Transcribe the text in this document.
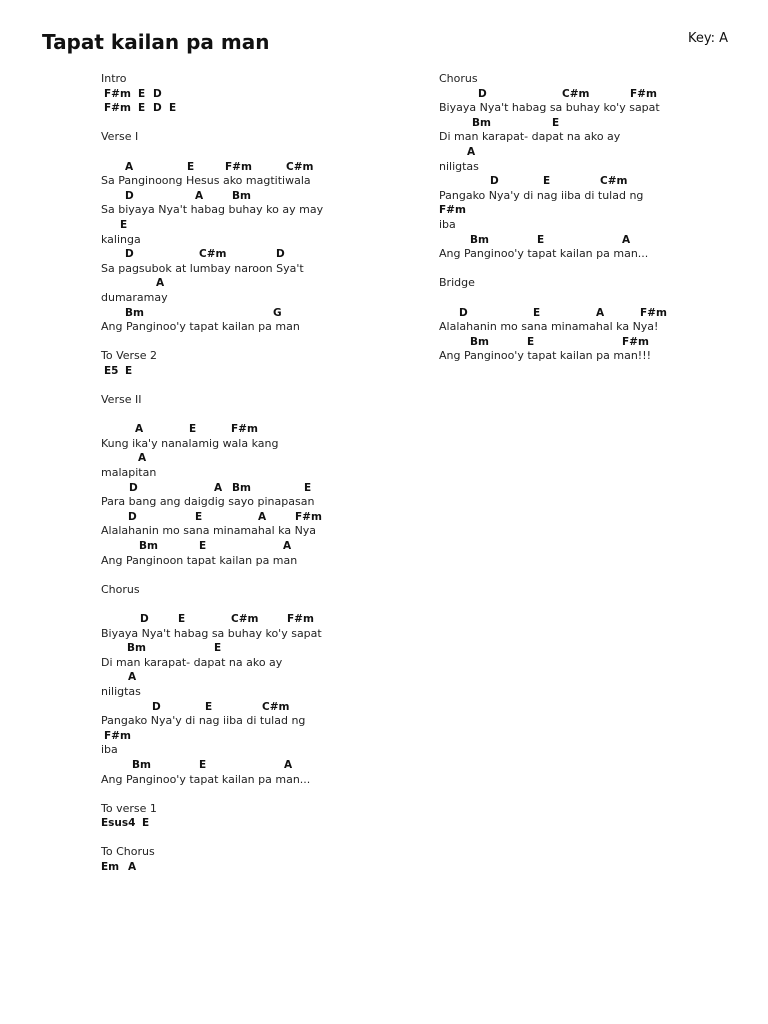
Tapat kailan pa man	Key: A
Intro
F#m E D
F#m E D E
Verse I
A	E	F#m	C#m
Sa Panginoong Hesus ako magtitiwala
D	A	Bm
Sa biyaya Nya't habag buhay ko ay may
E
kalinga
D	C#m	D
Sa pagsubok at lumbay naroon Sya't
A
dumaramay
Bm	G
Ang Panginoo'y tapat kailan pa man
To Verse 2
E5 E
Verse II
A	E	F#m
Kung ika'y nanalamig wala kang
A
malapitan
D	A Bm	E
Para bang ang daigdig sayo pinapasan
D	E	A	F#m
Alalahanin mo sana minamahal ka Nya
Bm	E	A
Ang Panginoon tapat kailan pa man
Chorus
D	E	C#m	F#m
Biyaya Nya't habag sa buhay ko'y sapat
Bm	E
Di man karapat- dapat na ako ay
A
niligtas
D	E	C#m
Pangako Nya'y di nag iiba di tulad ng
F#m
iba
Bm	E	A
Ang Panginoo'y tapat kailan pa man...
To verse 1
Esus4 E
To Chorus
Em A
Chorus
D	C#m	F#m
Biyaya Nya't habag sa buhay ko'y sapat
Bm	E
Di man karapat- dapat na ako ay
A
niligtas
D	E	C#m
Pangako Nya'y di nag iiba di tulad ng
F#m
iba
Bm	E	A
Ang Panginoo'y tapat kailan pa man...
Bridge
D	E	A	F#m
Alalahanin mo sana minamahal ka Nya!
Bm	E	F#m
Ang Panginoo'y tapat kailan pa man!!!
